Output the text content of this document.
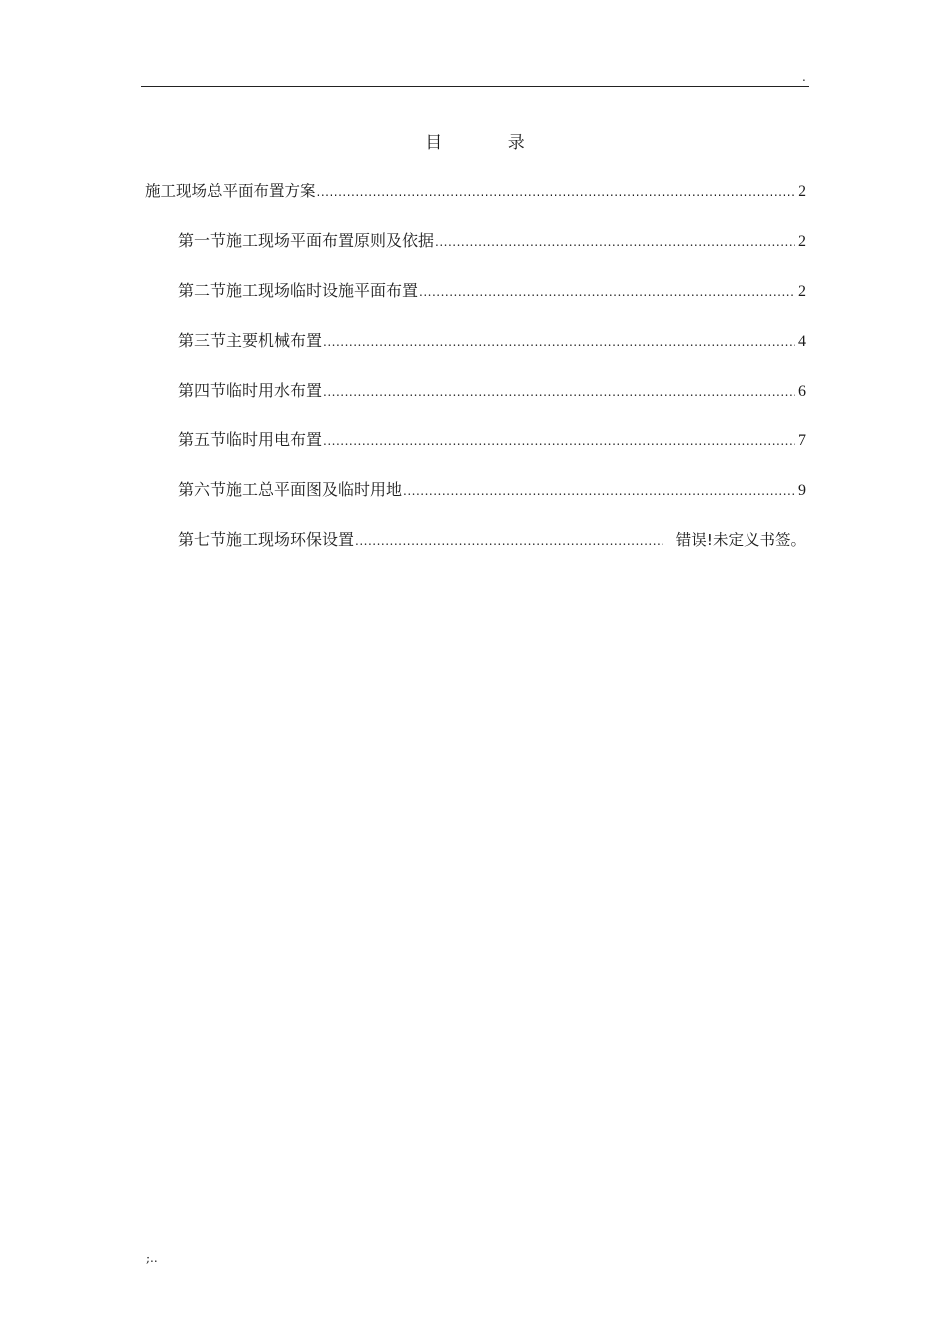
.
目 录
施工现场总平面布置方案 .....	2
第一节 施工现场平面布置原则及依据 .....	2
第二节 施工现场临时设施平面布置 .....	2
第三节 主要机械布置 .....	4
第四节 临时用水布置 .....	6
第五节 临时用电布置 .....	7
第六节 施工总平面图及临时用地 .....	9
第七节 施工现场环保设置 .....	错误!未定义书签。
;..
